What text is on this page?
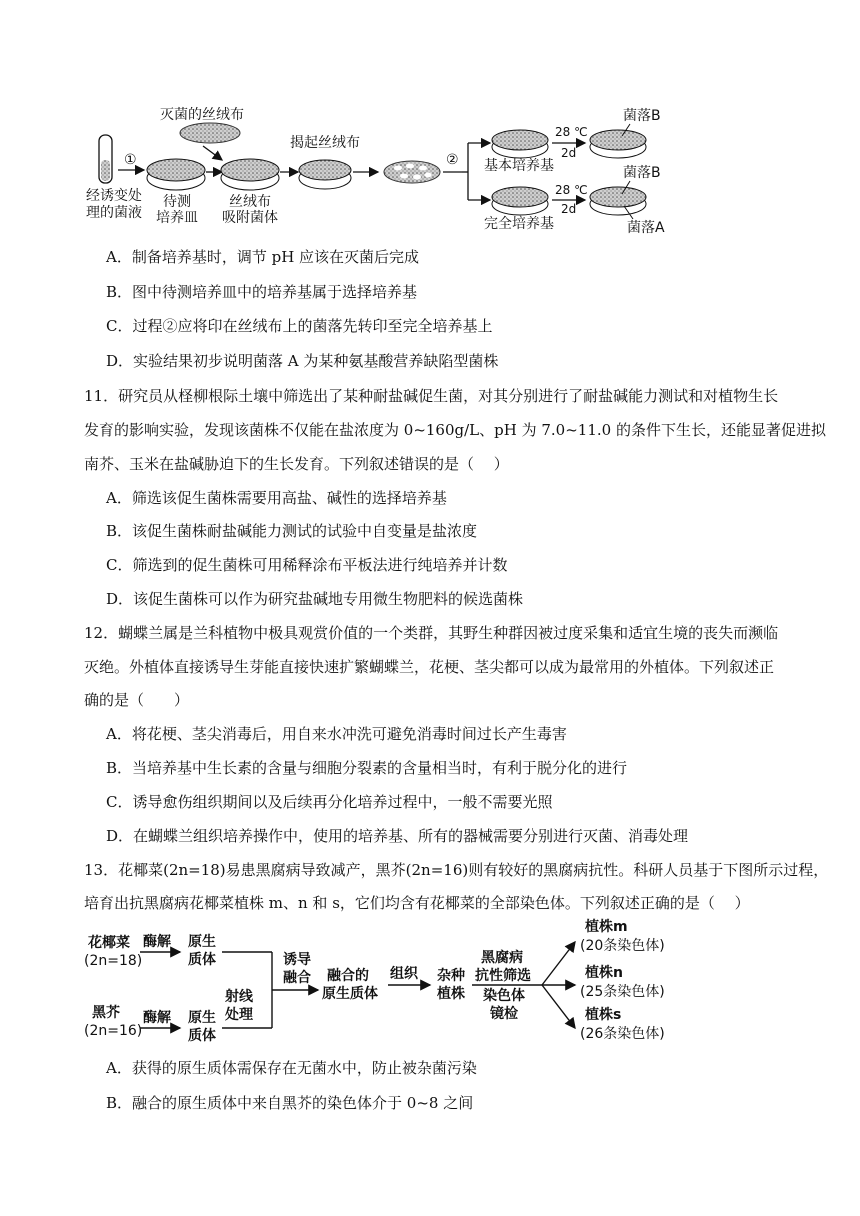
①
灭菌的丝绒布
揭起丝绒布
②
28 ℃
2d
菌落B
基本培养基
28 ℃
2d
菌落B
菌落A
完全培养基
经诱变处
理的菌液
待测
培养皿
丝绒布
吸附菌体
A．制备培养基时，调节 pH 应该在灭菌后完成
B．图中待测培养皿中的培养基属于选择培养基
C．过程②应将印在丝绒布上的菌落先转印至完全培养基上
D．实验结果初步说明菌落 A 为某种氨基酸营养缺陷型菌株
11．研究员从柽柳根际土壤中筛选出了某种耐盐碱促生菌，对其分别进行了耐盐碱能力测试和对植物生长
发育的影响实验，发现该菌株不仅能在盐浓度为 0~160g/L、pH 为 7.0~11.0 的条件下生长，还能显著促进拟
南芥、玉米在盐碱胁迫下的生长发育。下列叙述错误的是（　 ）
A．筛选该促生菌株需要用高盐、碱性的选择培养基
B．该促生菌株耐盐碱能力测试的试验中自变量是盐浓度
C．筛选到的促生菌株可用稀释涂布平板法进行纯培养并计数
D．该促生菌株可以作为研究盐碱地专用微生物肥料的候选菌株
12．蝴蝶兰属是兰科植物中极具观赏价值的一个类群，其野生种群因被过度采集和适宜生境的丧失而濒临
灭绝。外植体直接诱导生芽能直接快速扩繁蝴蝶兰，花梗、茎尖都可以成为最常用的外植体。下列叙述正
确的是（　　）
A．将花梗、茎尖消毒后，用自来水冲洗可避免消毒时间过长产生毒害
B．当培养基中生长素的含量与细胞分裂素的含量相当时，有利于脱分化的进行
C．诱导愈伤组织期间以及后续再分化培养过程中，一般不需要光照
D．在蝴蝶兰组织培养操作中，使用的培养基、所有的器械需要分别进行灭菌、消毒处理
13．花椰菜(2n=18)易患黑腐病导致减产，黑芥(2n=16)则有较好的黑腐病抗性。科研人员基于下图所示过程，
培育出抗黑腐病花椰菜植株 m、n 和 s，它们均含有花椰菜的全部染色体。下列叙述正确的是（　 ）
花椰菜
(2n=18)
黑芥
(2n=16)
酶解
酶解
原生
质体
原生
质体
射线
处理
诱导
融合 融合的
原生质体
组织 杂种
植株
黑腐病
抗性筛选
染色体
镜检
植株m
(20条染色体)
植株n
(25条染色体)
植株s
(26条染色体)
A．获得的原生质体需保存在无菌水中，防止被杂菌污染
B．融合的原生质体中来自黑芥的染色体介于 0~8 之间
